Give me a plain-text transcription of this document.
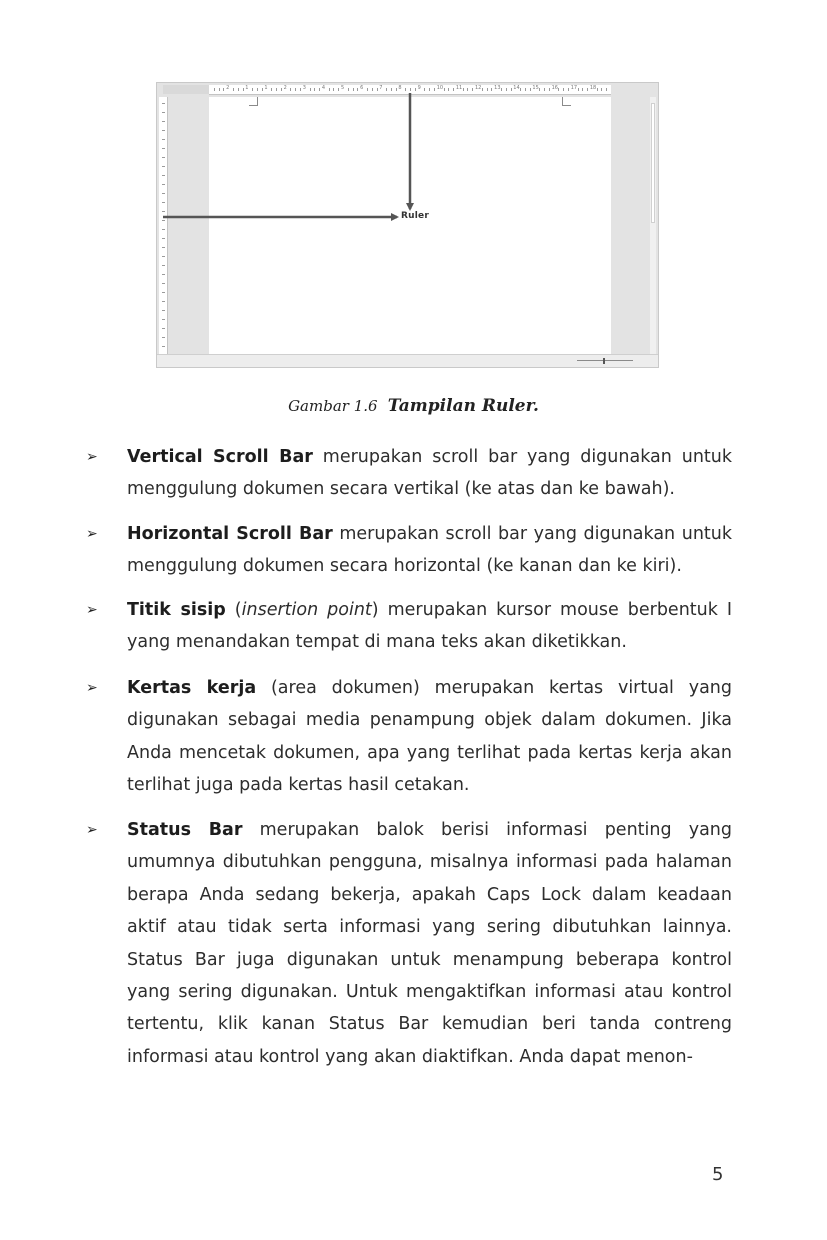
2	1	1	2	3	4	5	6	7	8	9	10	11	12	13	14	15	16	17	18
Ruler
Gambar 1.6 Tampilan Ruler.
➢ Vertical Scroll Bar merupakan scroll bar yang digunakan untuk menggulung dokumen secara vertikal (ke atas dan ke bawah).
➢ Horizontal Scroll Bar merupakan scroll bar yang digunakan untuk menggulung dokumen secara horizontal (ke kanan dan ke kiri).
➢ Titik sisip (insertion point) merupakan kursor mouse berbentuk I yang menandakan tempat di mana teks akan diketikkan.
➢ Kertas kerja (area dokumen) merupakan kertas virtual yang digunakan sebagai media penampung objek dalam dokumen. Jika Anda mencetak dokumen, apa yang terlihat pada kertas kerja akan terlihat juga pada kertas hasil cetakan.
➢ Status Bar merupakan balok berisi informasi penting yang umumnya dibutuhkan pengguna, misalnya informasi pada halaman berapa Anda sedang bekerja, apakah Caps Lock dalam keadaan aktif atau tidak serta informasi yang sering dibutuhkan lainnya. Status Bar juga digunakan untuk menampung beberapa kontrol yang sering digunakan. Untuk mengaktifkan informasi atau kontrol tertentu, klik kanan Status Bar kemudian beri tanda contreng informasi atau kontrol yang akan diaktifkan. Anda dapat menon-
5
